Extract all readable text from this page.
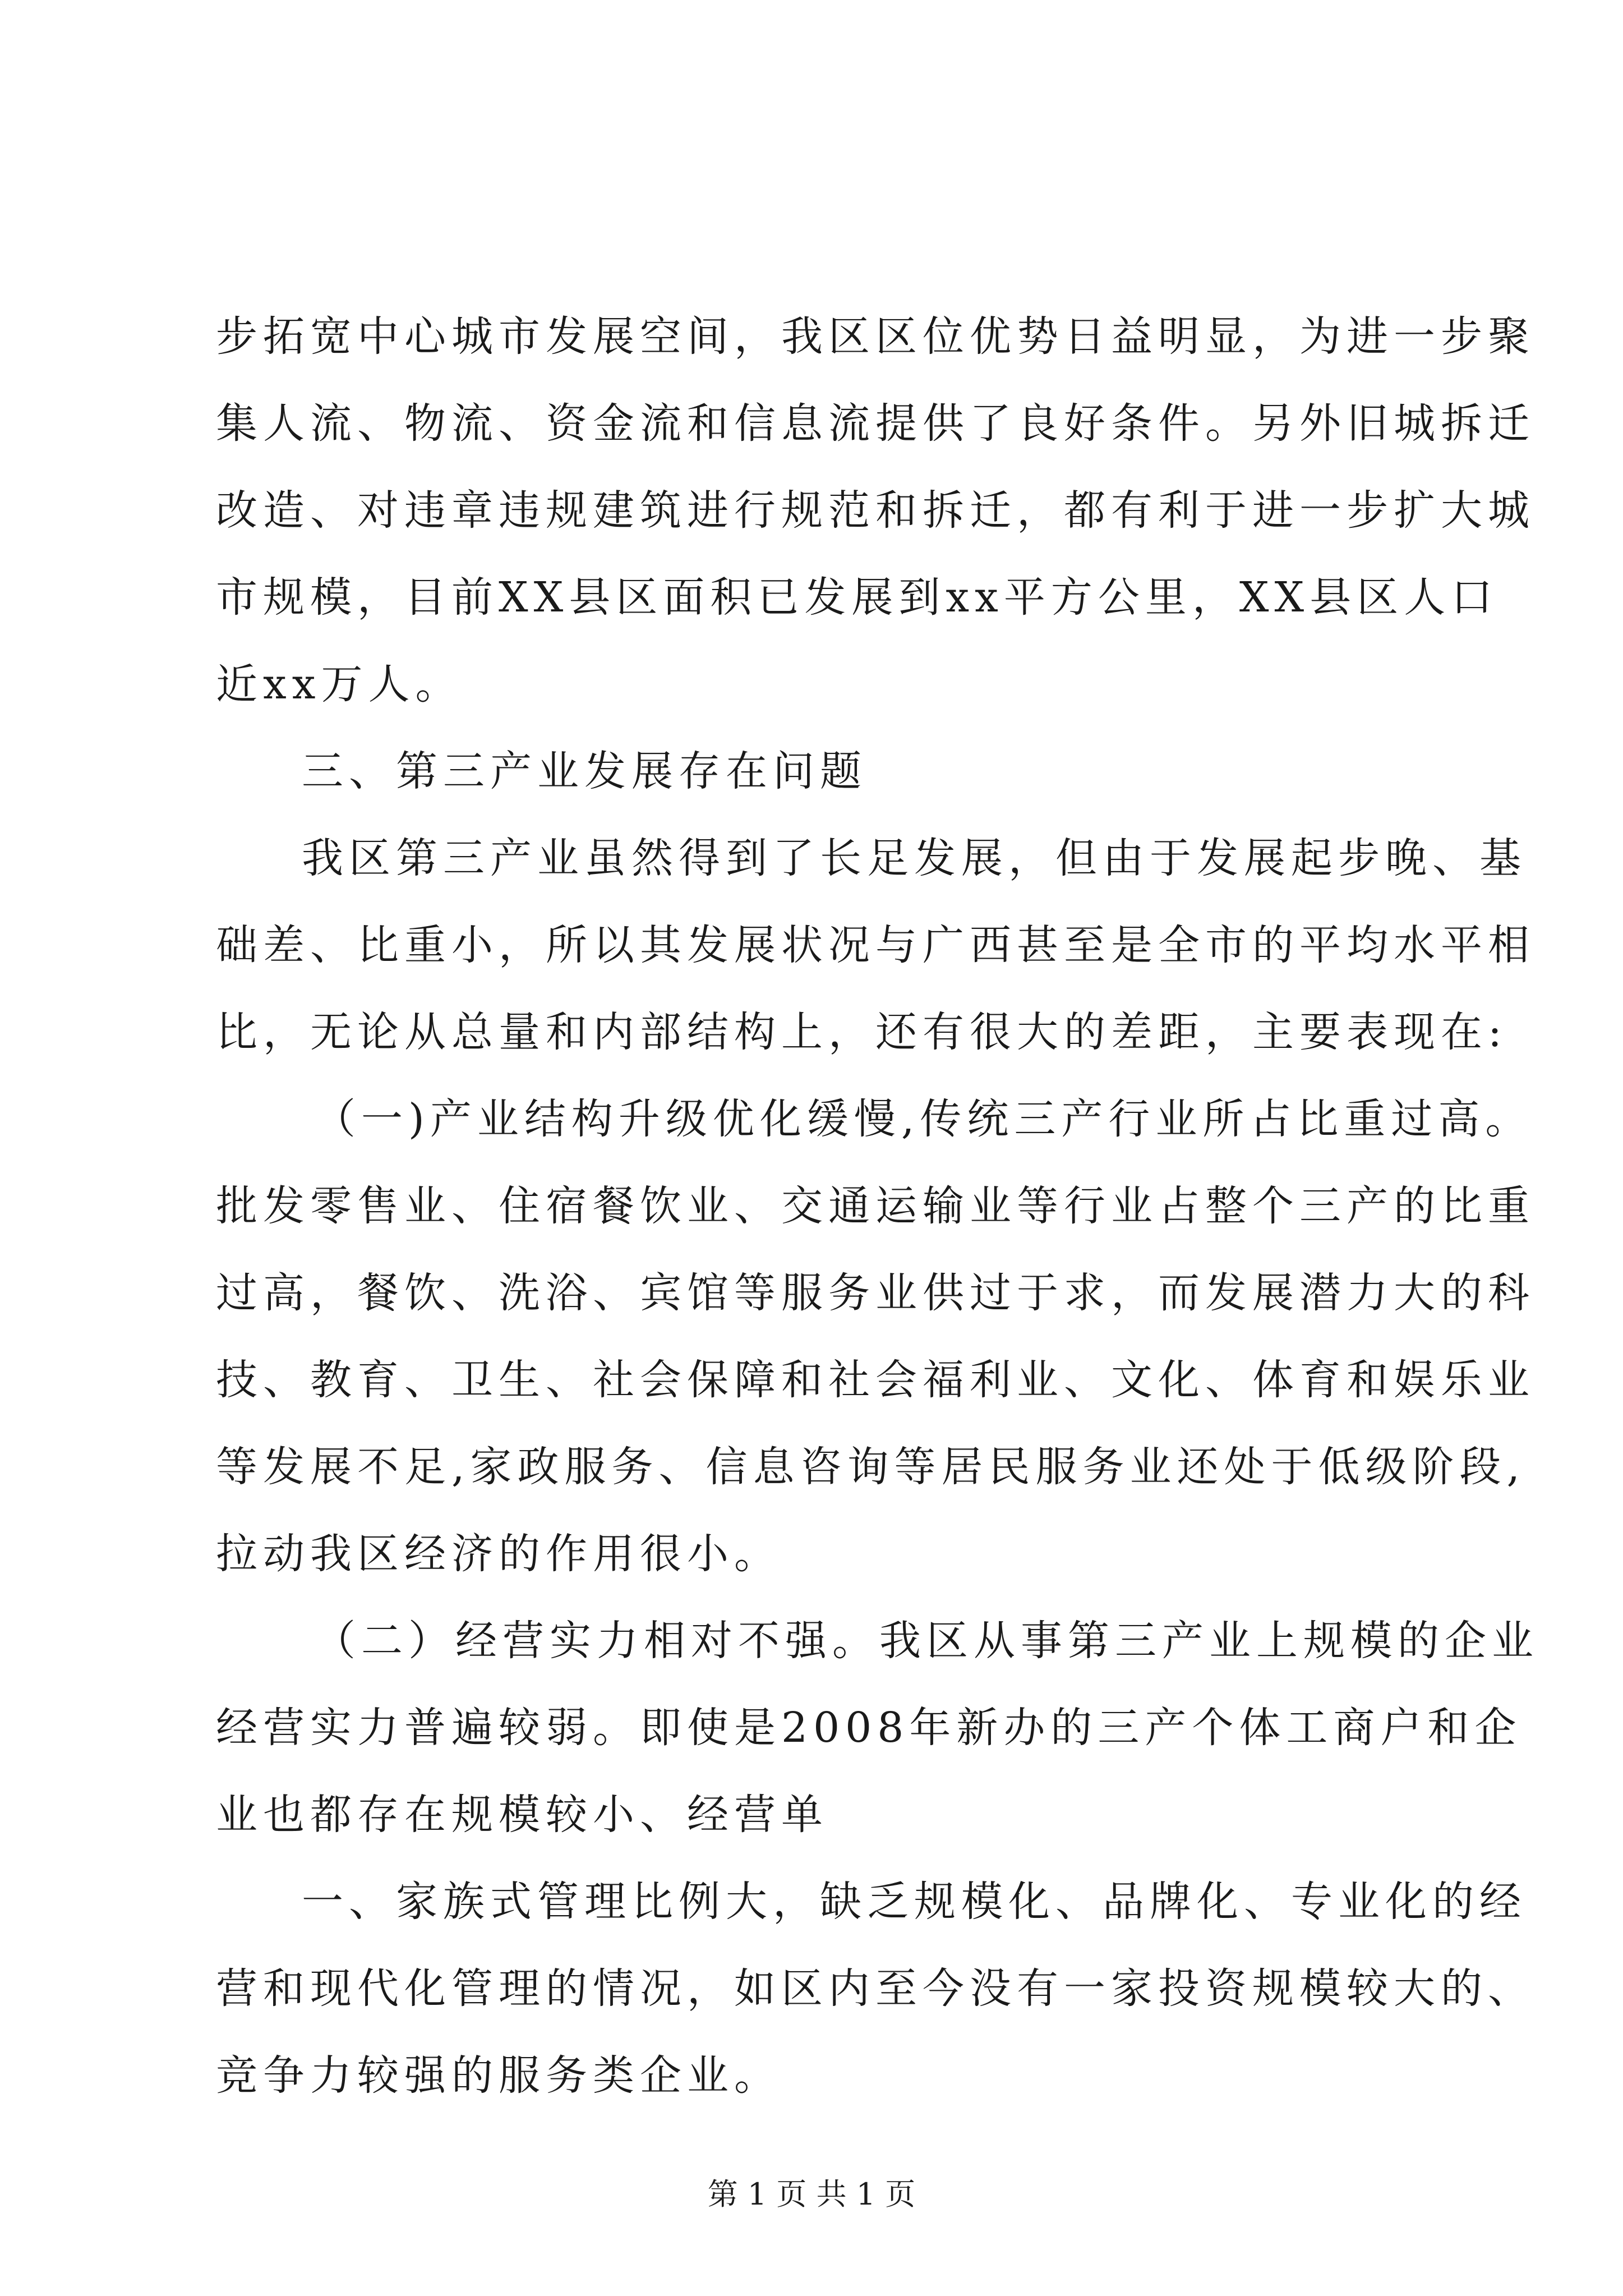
步拓宽中心城市发展空间，我区区位优势日益明显，为进一步聚
集人流、物流、资金流和信息流提供了良好条件。另外旧城拆迁
改造、对违章违规建筑进行规范和拆迁，都有利于进一步扩大城
市规模，目前XX县区面积已发展到xx平方公里，XX县区人口
近xx万人。
三、第三产业发展存在问题
我区第三产业虽然得到了长足发展，但由于发展起步晚、基
础差、比重小，所以其发展状况与广西甚至是全市的平均水平相
比，无论从总量和内部结构上，还有很大的差距，主要表现在:
（一)产业结构升级优化缓慢,传统三产行业所占比重过高。
批发零售业、住宿餐饮业、交通运输业等行业占整个三产的比重
过高，餐饮、洗浴、宾馆等服务业供过于求，而发展潜力大的科
技、教育、卫生、社会保障和社会福利业、文化、体育和娱乐业
等发展不足,家政服务、信息咨询等居民服务业还处于低级阶段,
拉动我区经济的作用很小。
（二）经营实力相对不强。我区从事第三产业上规模的企业
经营实力普遍较弱。即使是2008年新办的三产个体工商户和企
业也都存在规模较小、经营单
一、家族式管理比例大，缺乏规模化、品牌化、专业化的经
营和现代化管理的情况，如区内至今没有一家投资规模较大的、
竞争力较强的服务类企业。
第 1 页 共 1 页
